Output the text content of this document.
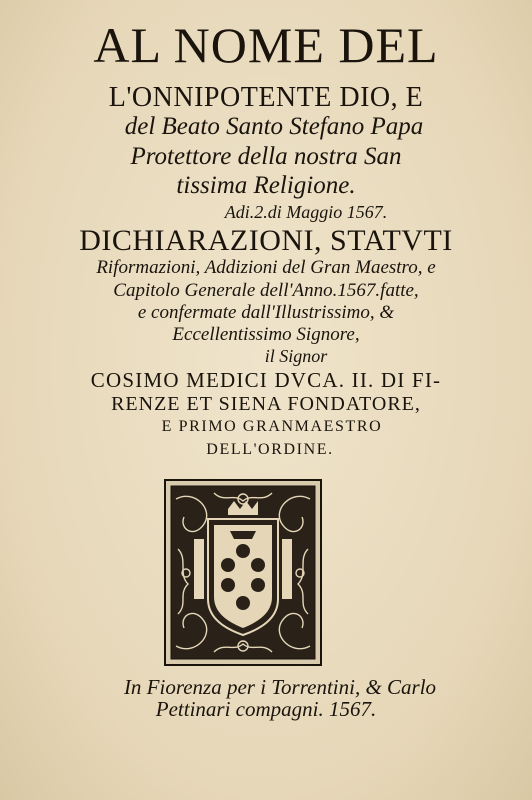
AL NOME DEL
L'ONNIPOTENTE DIO, E
del Beato Santo Stefano Papa
Protettore della nostra San
tissima Religione.
Adi.2.di Maggio 1567.
DICHIARAZIONI, STATVTI
Riformazioni, Addizioni del Gran Maestro, e
Capitolo Generale dell'Anno.1567.fatte,
e confermate dall'Illustrissimo, &
Eccellentissimo Signore,
il Signor
COSIMO MEDICI DVCA. II. DI FI-
RENZE ET SIENA FONDATORE,
E PRIMO GRANMAESTRO
DELL'ORDINE.
In Fiorenza per i Torrentini, & Carlo
Pettinari compagni. 1567.
